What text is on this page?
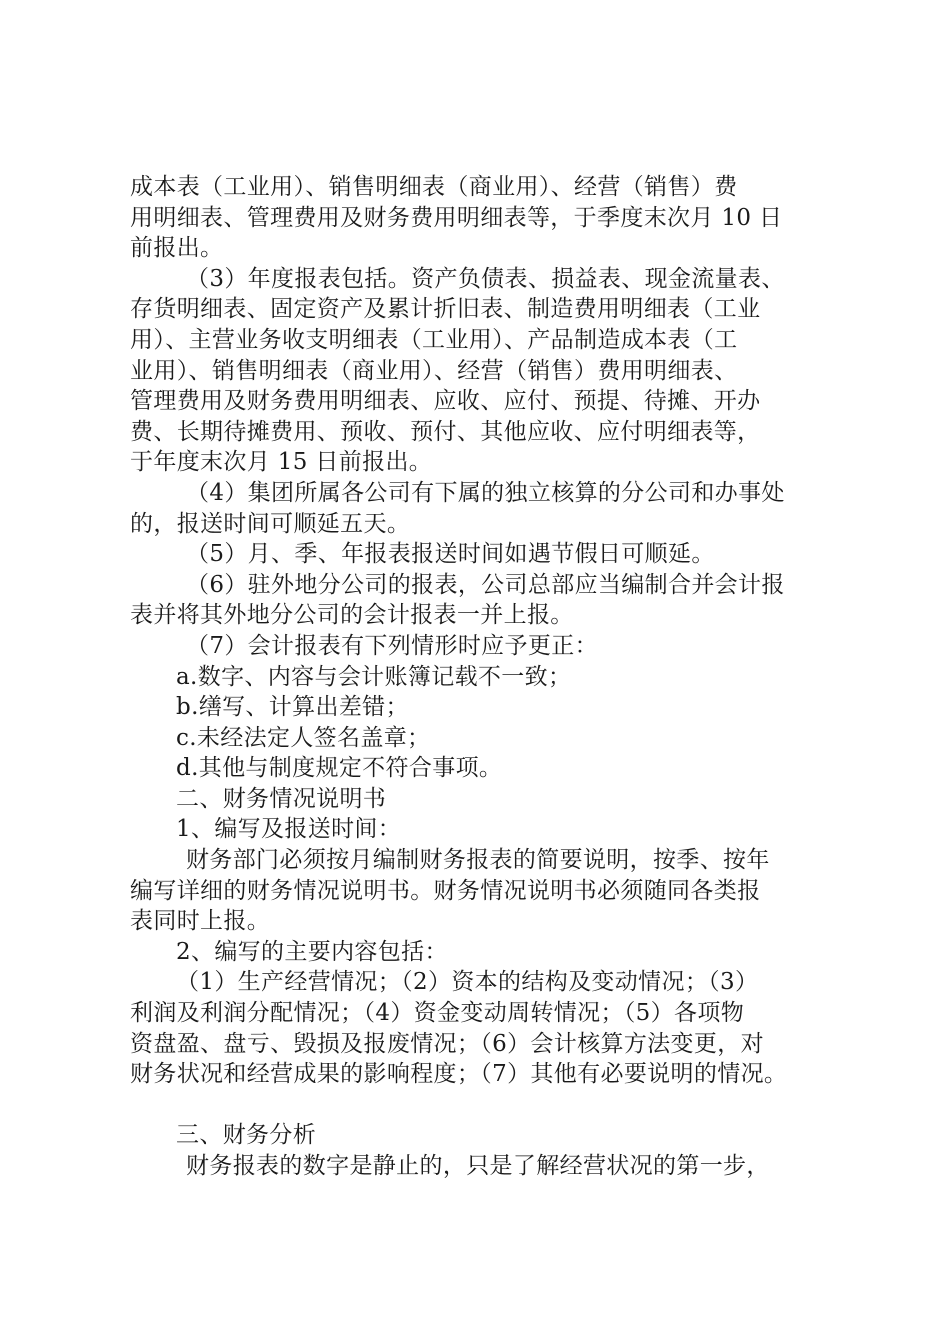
成本表（工业用）、销售明细表（商业用）、经营（销售）费
用明细表、管理费用及财务费用明细表等，于季度末次月 10 日
前报出。
（3）年度报表包括。资产负债表、损益表、现金流量表、
存货明细表、固定资产及累计折旧表、制造费用明细表（工业
用）、主营业务收支明细表（工业用）、产品制造成本表（工
业用）、销售明细表（商业用）、经营（销售）费用明细表、
管理费用及财务费用明细表、应收、应付、预提、待摊、开办
费、长期待摊费用、预收、预付、其他应收、应付明细表等，
于年度末次月 15 日前报出。
（4）集团所属各公司有下属的独立核算的分公司和办事处
的，报送时间可顺延五天。
（5）月、季、年报表报送时间如遇节假日可顺延。
（6）驻外地分公司的报表，公司总部应当编制合并会计报
表并将其外地分公司的会计报表一并上报。
（7）会计报表有下列情形时应予更正：
a.数字、内容与会计账簿记载不一致；
b.缮写、计算出差错；
c.未经法定人签名盖章；
d.其他与制度规定不符合事项。
二、财务情况说明书
1、编写及报送时间：
财务部门必须按月编制财务报表的简要说明，按季、按年
编写详细的财务情况说明书。财务情况说明书必须随同各类报
表同时上报。
2、编写的主要内容包括：
（1）生产经营情况；（2）资本的结构及变动情况；（3）
利润及利润分配情况；（4）资金变动周转情况；（5）各项物
资盘盈、盘亏、毁损及报废情况；（6）会计核算方法变更，对
财务状况和经营成果的影响程度；（7）其他有必要说明的情况。
三、财务分析
财务报表的数字是静止的，只是了解经营状况的第一步，
